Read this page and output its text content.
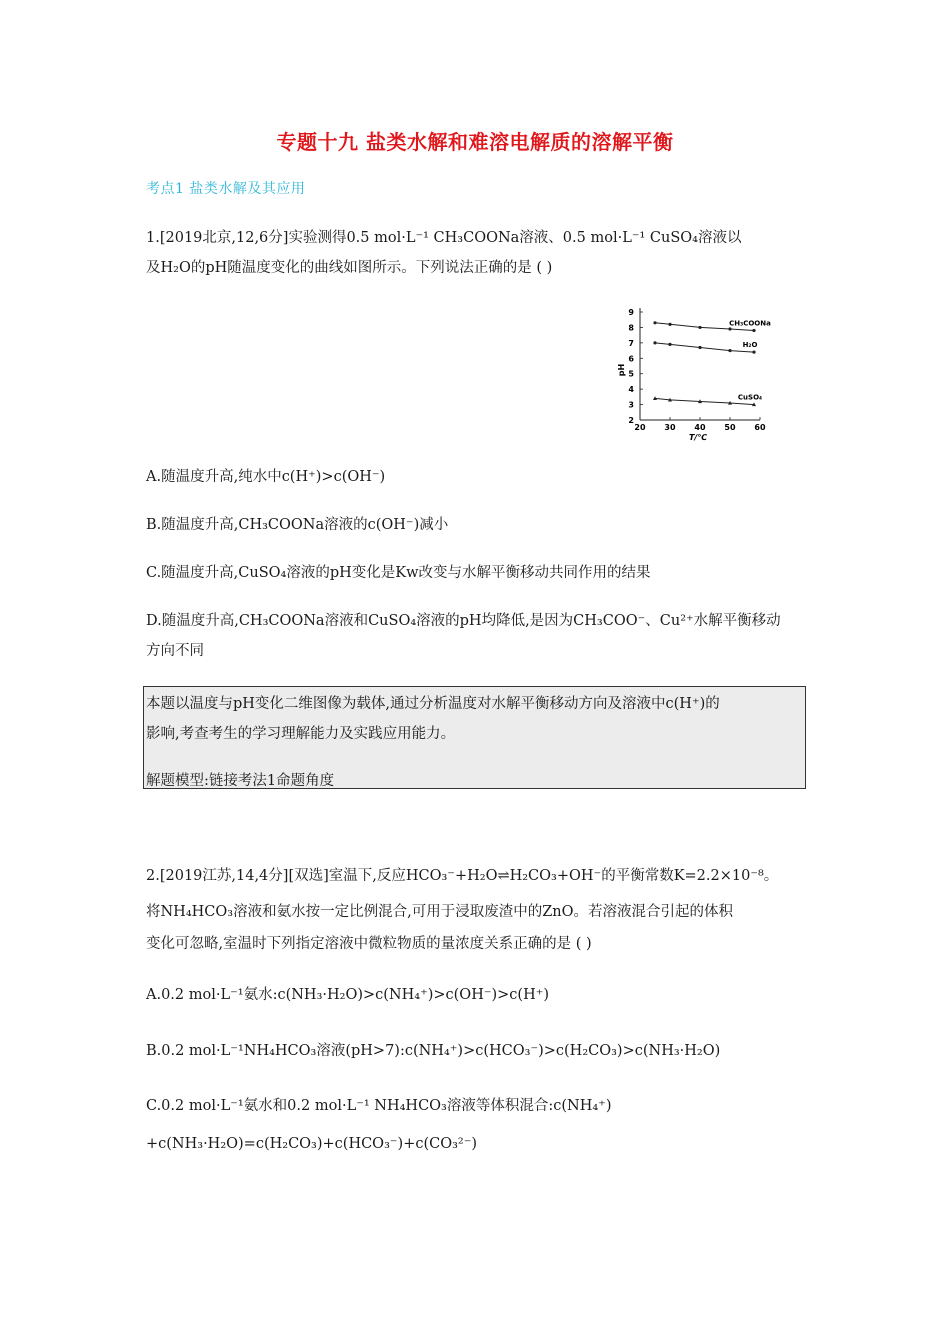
专题十九 盐类水解和难溶电解质的溶解平衡
考点1 盐类水解及其应用
1.[2019北京,12,6分]实验测得0.5 mol·L⁻¹ CH₃COONa溶液、0.5 mol·L⁻¹ CuSO₄溶液以
及H₂O的pH随温度变化的曲线如图所示。下列说法正确的是 ( )
2
3
4
5
6
7
8
9
20 30 40 50 60
T/℃
pH
CH₃COONa
H₂O
CuSO₄
A.随温度升高,纯水中c(H⁺)>c(OH⁻)
B.随温度升高,CH₃COONa溶液的c(OH⁻)减小
C.随温度升高,CuSO₄溶液的pH变化是Kw改变与水解平衡移动共同作用的结果
D.随温度升高,CH₃COONa溶液和CuSO₄溶液的pH均降低,是因为CH₃COO⁻、Cu²⁺水解平衡移动
方向不同
本题以温度与pH变化二维图像为载体,通过分析温度对水解平衡移动方向及溶液中c(H⁺)的
影响,考查考生的学习理解能力及实践应用能力。
解题模型:链接考法1命题角度
2.[2019江苏,14,4分][双选]室温下,反应HCO₃⁻+H₂O⇌H₂CO₃+OH⁻的平衡常数K=2.2×10⁻⁸。
将NH₄HCO₃溶液和氨水按一定比例混合,可用于浸取废渣中的ZnO。若溶液混合引起的体积
变化可忽略,室温时下列指定溶液中微粒物质的量浓度关系正确的是 ( )
A.0.2 mol·L⁻¹氨水:c(NH₃·H₂O)>c(NH₄⁺)>c(OH⁻)>c(H⁺)
B.0.2 mol·L⁻¹NH₄HCO₃溶液(pH>7):c(NH₄⁺)>c(HCO₃⁻)>c(H₂CO₃)>c(NH₃·H₂O)
C.0.2 mol·L⁻¹氨水和0.2 mol·L⁻¹ NH₄HCO₃溶液等体积混合:c(NH₄⁺)
+c(NH₃·H₂O)=c(H₂CO₃)+c(HCO₃⁻)+c(CO₃²⁻)
